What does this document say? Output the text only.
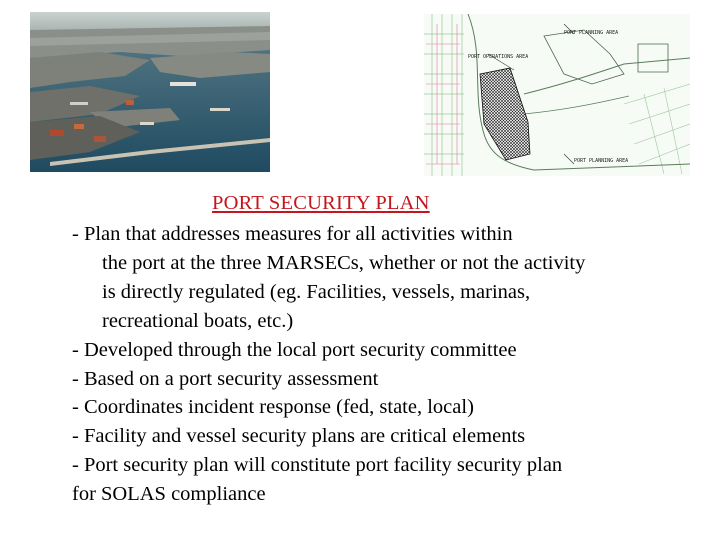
PORT PLANNING AREA
PORT OPERATIONS AREA
PORT PLANNING AREA
PORT SECURITY PLAN
- Plan that addresses measures for all activities within
the port at the three MARSECs, whether or not the activity
is directly regulated (eg. Facilities, vessels, marinas,
recreational boats, etc.)
- Developed through the local port security committee
- Based on a port security assessment
- Coordinates incident response (fed, state, local)
- Facility and vessel security plans are critical elements
- Port security plan will constitute port facility security plan
for SOLAS compliance
